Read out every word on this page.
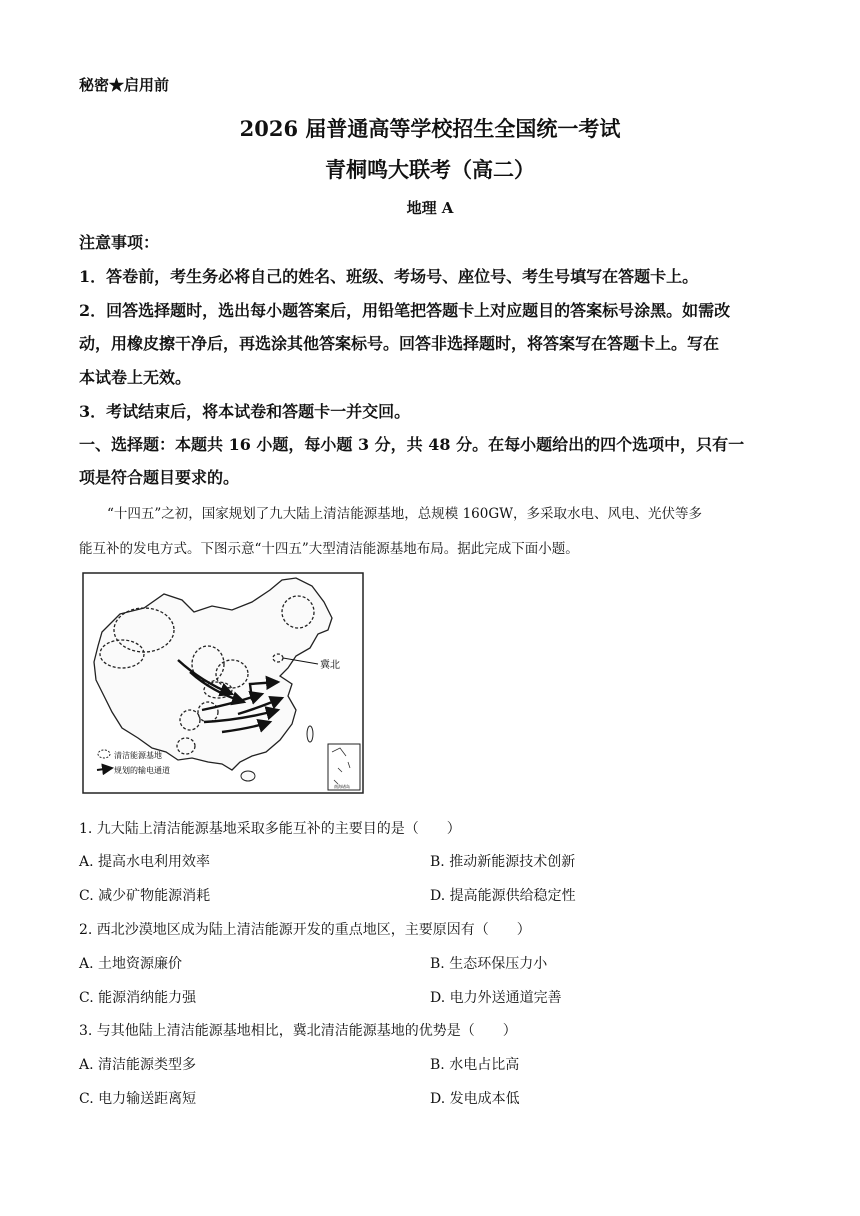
秘密★启用前
2026 届普通高等学校招生全国统一考试
青桐鸣大联考（高二）
地理 A
注意事项：
1．答卷前，考生务必将自己的姓名、班级、考场号、座位号、考生号填写在答题卡上。
2．回答选择题时，选出每小题答案后，用铅笔把答题卡上对应题目的答案标号涂黑。如需改
动，用橡皮擦干净后，再选涂其他答案标号。回答非选择题时，将答案写在答题卡上。写在
本试卷上无效。
3．考试结束后，将本试卷和答题卡一并交回。
一、选择题：本题共 16 小题，每小题 3 分，共 48 分。在每小题给出的四个选项中，只有一
项是符合题目要求的。
“十四五”之初，国家规划了九大陆上清洁能源基地，总规模 160GW，多采取水电、风电、光伏等多
能互补的发电方式。下图示意“十四五”大型清洁能源基地布局。据此完成下面小题。
冀北
清洁能源基地
规划的输电通道
南海诸岛
1. 九大陆上清洁能源基地采取多能互补的主要目的是（　　）
A. 提高水电利用效率	B. 推动新能源技术创新
C. 减少矿物能源消耗	D. 提高能源供给稳定性
2. 西北沙漠地区成为陆上清洁能源开发的重点地区，主要原因有（　　）
A. 土地资源廉价	B. 生态环保压力小
C. 能源消纳能力强	D. 电力外送通道完善
3. 与其他陆上清洁能源基地相比，冀北清洁能源基地的优势是（　　）
A. 清洁能源类型多	B. 水电占比高
C. 电力输送距离短	D. 发电成本低
